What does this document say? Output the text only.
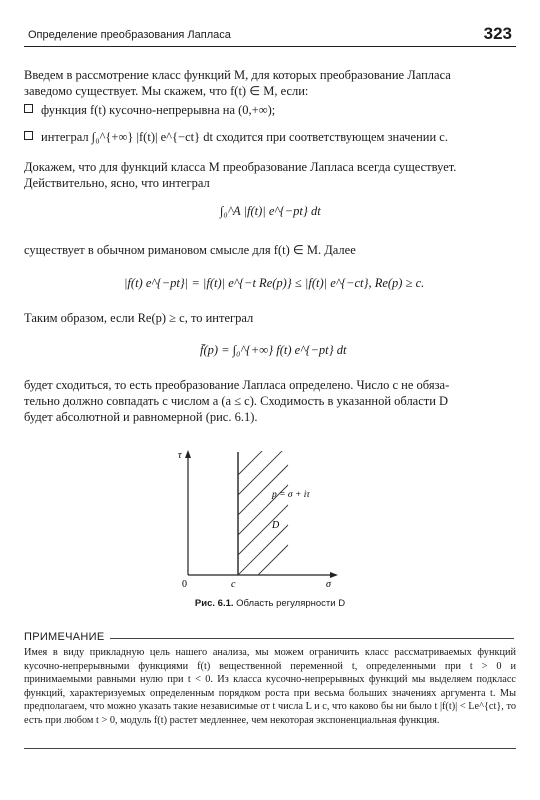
Определение преобразования Лапласа	323
Введем в рассмотрение класс функций M, для которых преобразование Лапласа
заведомо существует. Мы скажем, что f(t) ∈ M, если:
функция f(t) кусочно-непрерывна на (0,+∞);
интеграл ∫₀^{+∞} |f(t)| e^{−ct} dt сходится при соответствующем значении c.
Докажем, что для функций класса M преобразование Лапласа всегда существует.
Действительно, ясно, что интеграл
∫₀^A |f(t)| e^{−pt} dt
существует в обычном римановом смысле для f(t) ∈ M. Далее
|f(t) e^{−pt}| = |f(t)| e^{−t Re(p)} ≤ |f(t)| e^{−ct}, Re(p) ≥ c.
Таким образом, если Re(p) ≥ c, то интеграл
f̄(p) = ∫₀^{+∞} f(t) e^{−pt} dt
будет сходиться, то есть преобразование Лапласа определено. Число c не обяза-
тельно должно совпадать с числом a (a ≤ c). Сходимость в указанной области D
будет абсолютной и равномерной (рис. 6.1).
τ
σ
0	c
p = σ + iτ
D
Рис. 6.1. Область регулярности D
ПРИМЕЧАНИЕ
Имея в виду прикладную цель нашего анализа, мы можем ограничить класс рассматриваемых функций кусочно-непрерывными функциями f(t) вещественной переменной t, определенными при t > 0 и принимаемыми равными нулю при t < 0. Из класса кусочно-непрерывных функций мы выделяем подкласс функций, характеризуемых определенным порядком роста при весьма больших значениях аргумента t. Мы предполагаем, что можно указать такие независимые от t числа L и c, что каково бы ни было t |f(t)| < Le^{ct}, то есть при любом t > 0, модуль f(t) растет медленнее, чем некоторая экспоненциальная функция.
